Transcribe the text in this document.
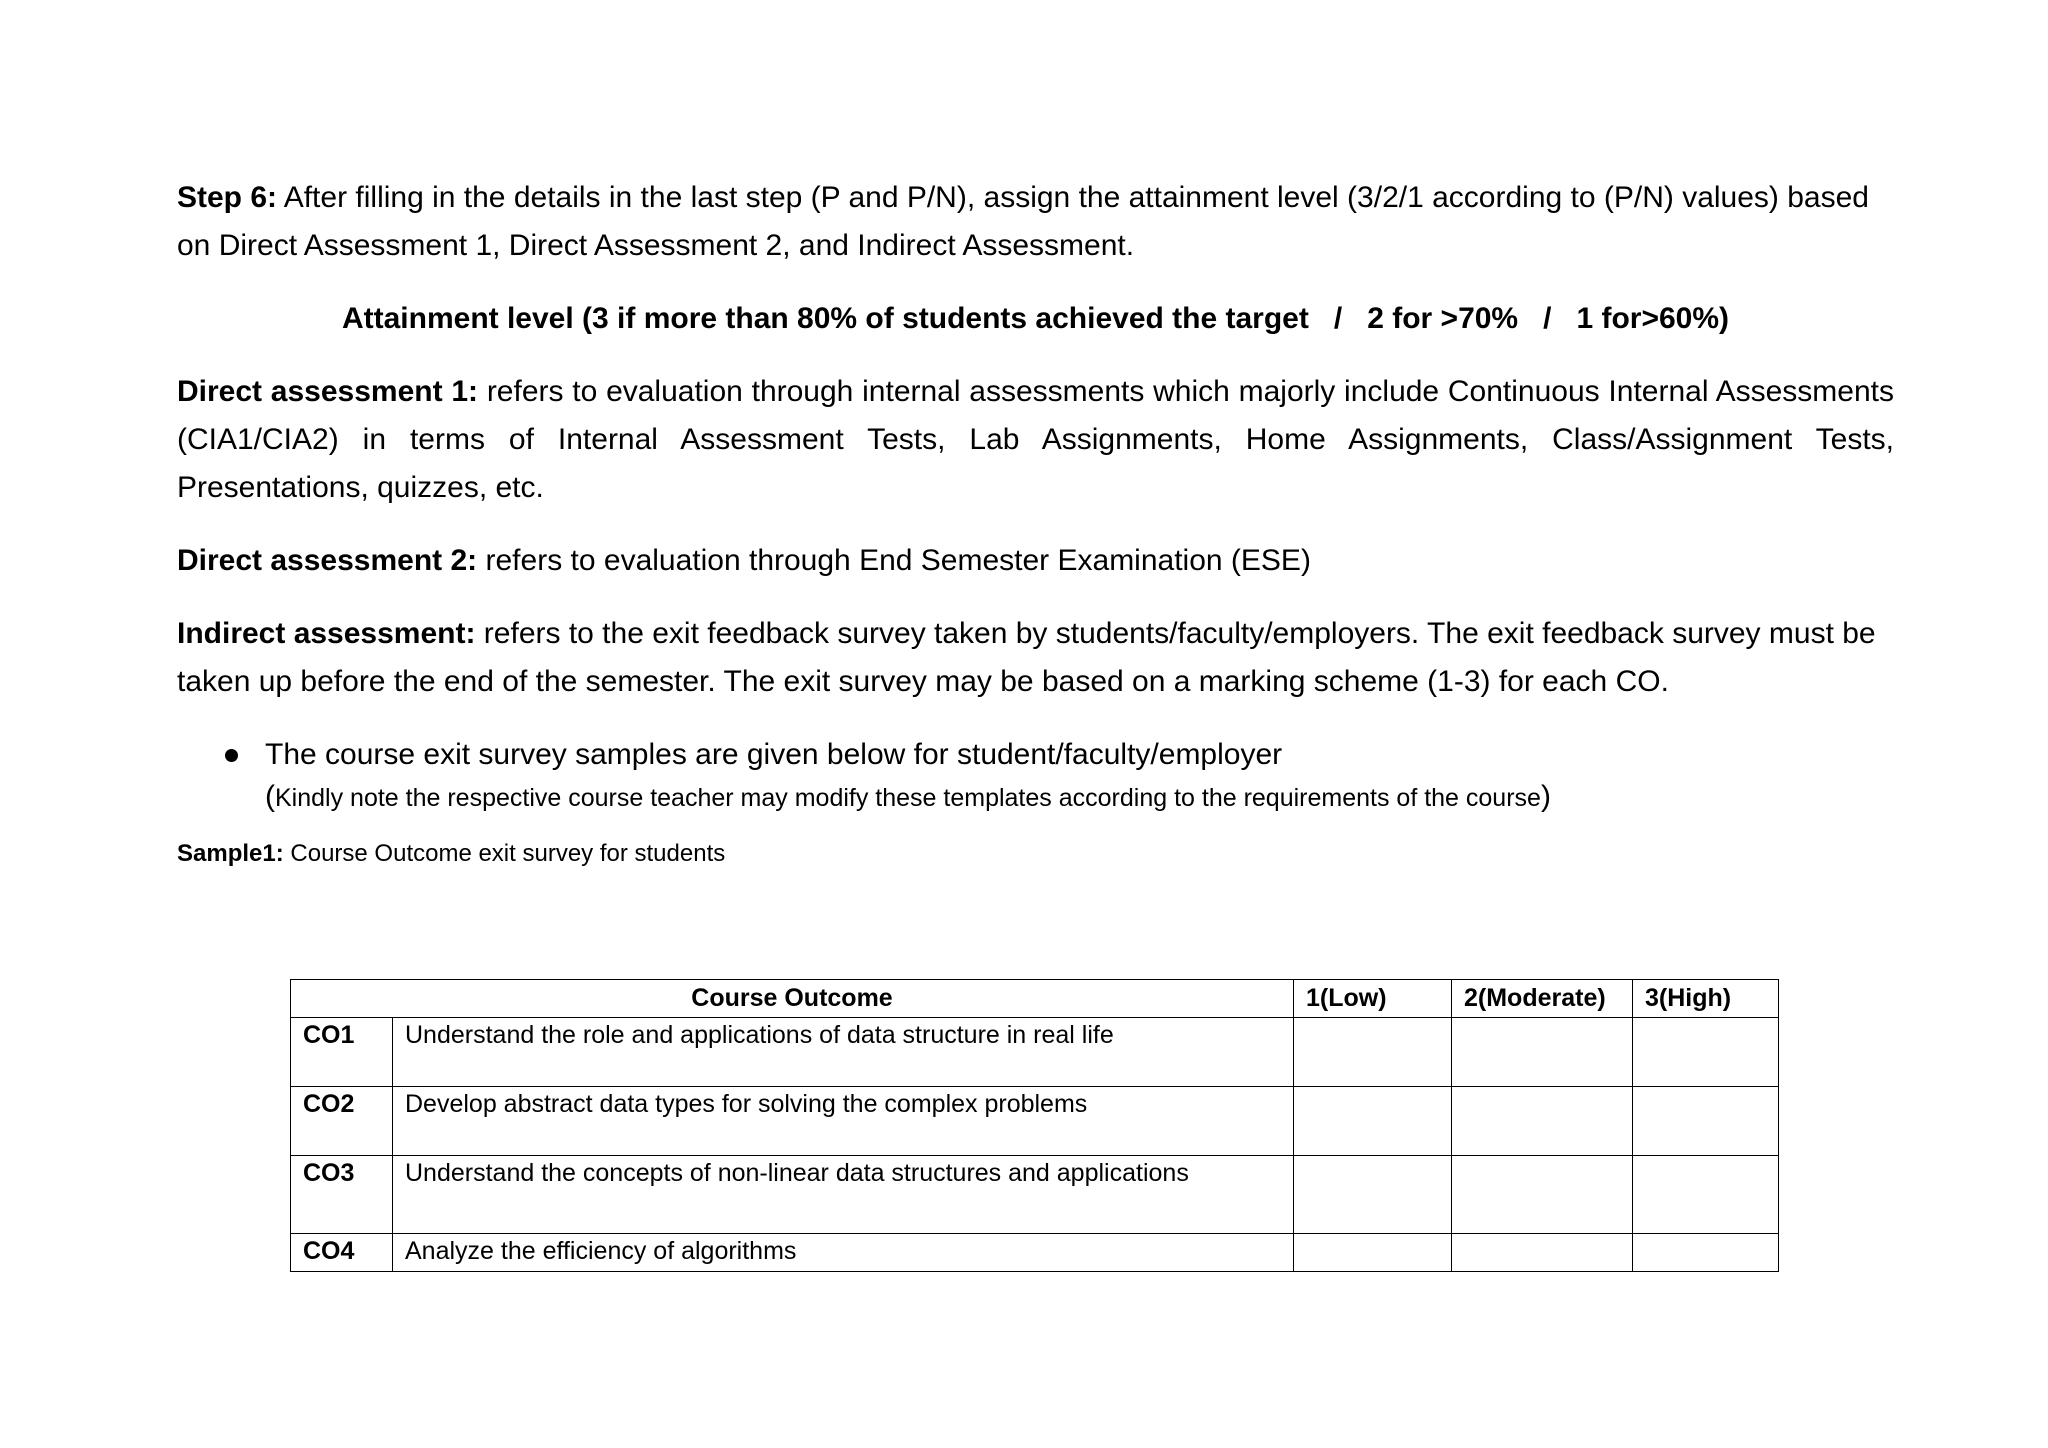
Step 6: After filling in the details in the last step (P and P/N), assign the attainment level (3/2/1 according to (P/N) values) based on Direct Assessment 1, Direct Assessment 2, and Indirect Assessment.

Attainment level (3 if more than 80% of students achieved the target   /   2 for >70%   /   1 for>60%)

Direct assessment 1: refers to evaluation through internal assessments which majorly include Continuous Internal Assessments (CIA1/CIA2) in terms of Internal Assessment Tests, Lab Assignments, Home Assignments, Class/Assignment Tests, Presentations, quizzes, etc.

Direct assessment 2: refers to evaluation through End Semester Examination (ESE)

Indirect assessment: refers to the exit feedback survey taken by students/faculty/employers. The exit feedback survey must be taken up before the end of the semester. The exit survey may be based on a marking scheme (1-3) for each CO.

The course exit survey samples are given below for student/faculty/employer
(Kindly note the respective course teacher may modify these templates according to the requirements of the course)

Sample1: Course Outcome exit survey for students

Course Outcome		1(Low)	2(Moderate)	3(High)
CO1	Understand the role and applications of data structure in real life			
CO2	Develop abstract data types for solving the complex problems			
CO3	Understand the concepts of non-linear data structures and applications			
CO4	Analyze the efficiency of algorithms			
